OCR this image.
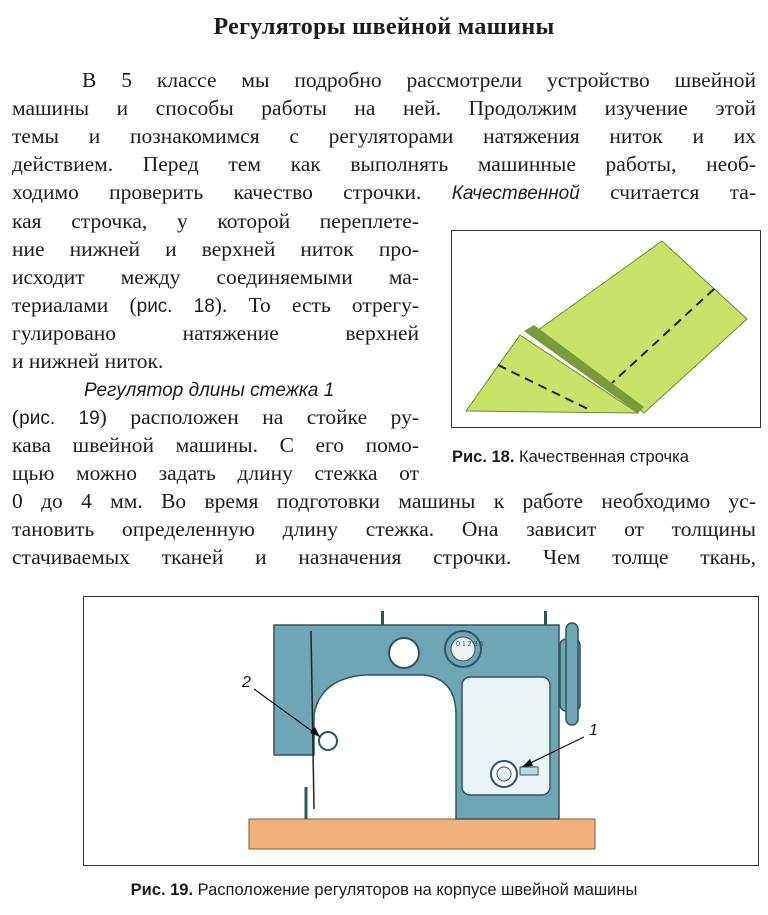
Регуляторы швейной машины
В 5 классе мы подробно рассмотрели устройство швейной
машины и способы работы на ней. Продолжим изучение этой
темы и познакомимся с регуляторами натяжения ниток и их
действием. Перед тем как выполнять машинные работы, необ-
ходимо проверить качество строчки. Качественной считается та-
кая строчка, у которой переплете-
ние нижней и верхней ниток про-
исходит между соединяемыми ма-
териалами (рис. 18). То есть отрегу-
гулировано натяжение верхней
и нижней ниток.
Регулятор длины стежка 1
(рис. 19) расположен на стойке ру-
кава швейной машины. С его помо-
щью можно задать длину стежка от
0 до 4 мм. Во время подготовки машины к работе необходимо ус-
тановить определенную длину стежка. Она зависит от толщины
стачиваемых тканей и назначения строчки. Чем толще ткань,
Рис. 18. Качественная строчка
0 1 2 3 4
2
1
Рис. 19. Расположение регуляторов на корпусе швейной машины
